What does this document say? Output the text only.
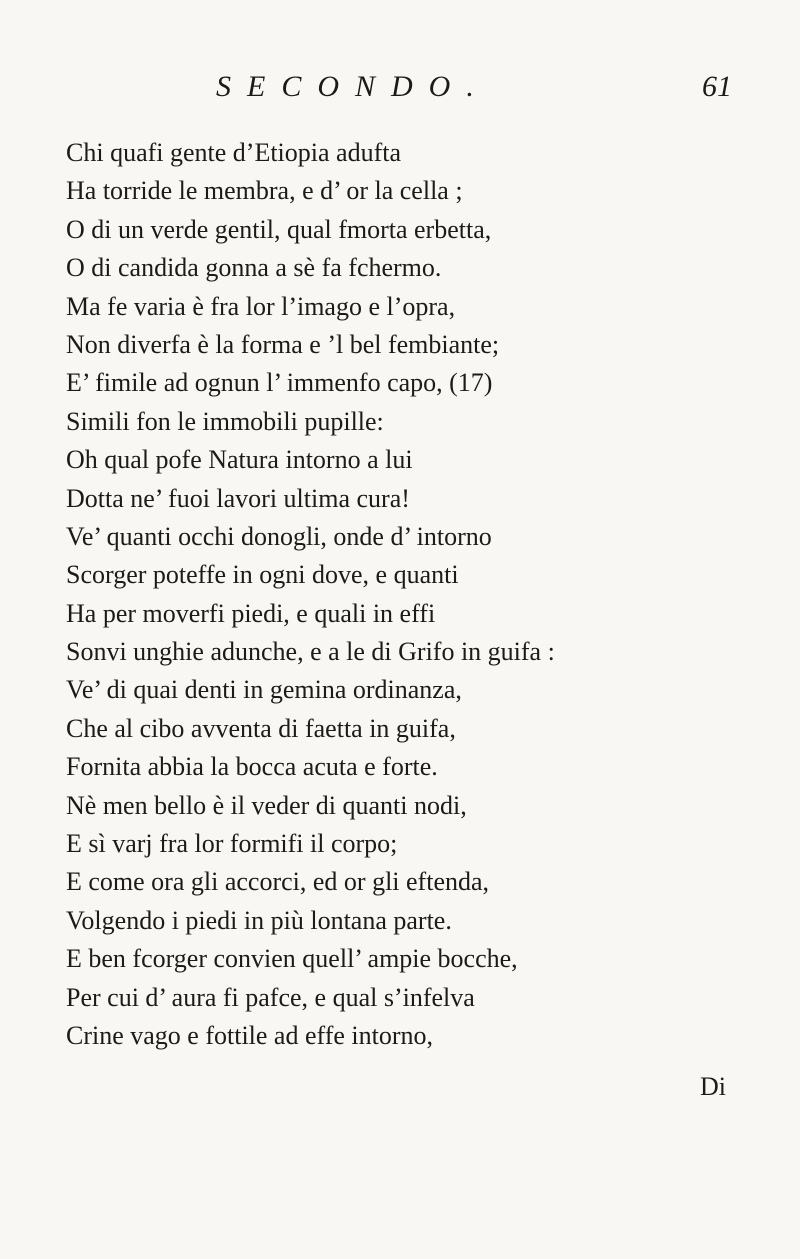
SECONDO.	61
Chi quafi gente d’Etiopia adufta
Ha torride le membra, e d’ or la cella ;
O di un verde gentil, qual fmorta erbetta,
O di candida gonna a sè fa fchermo.
Ma fe varia è fra lor l’imago e l’opra,
Non diverfa è la forma e ’l bel fembiante;
E’ fimile ad ognun l’ immenfo capo, (17)
Simili fon le immobili pupille:
Oh qual pofe Natura intorno a lui
Dotta ne’ fuoi lavori ultima cura!
Ve’ quanti occhi donogli, onde d’ intorno
Scorger poteffe in ogni dove, e quanti
Ha per moverfi piedi, e quali in effi
Sonvi unghie adunche, e a le di Grifo in guifa :
Ve’ di quai denti in gemina ordinanza,
Che al cibo avventa di faetta in guifa,
Fornita abbia la bocca acuta e forte.
Nè men bello è il veder di quanti nodi,
E sì varj fra lor formifi il corpo;
E come ora gli accorci, ed or gli eftenda,
Volgendo i piedi in più lontana parte.
E ben fcorger convien quell’ ampie bocche,
Per cui d’ aura fi pafce, e qual s’infelva
Crine vago e fottile ad effe intorno,
Di
